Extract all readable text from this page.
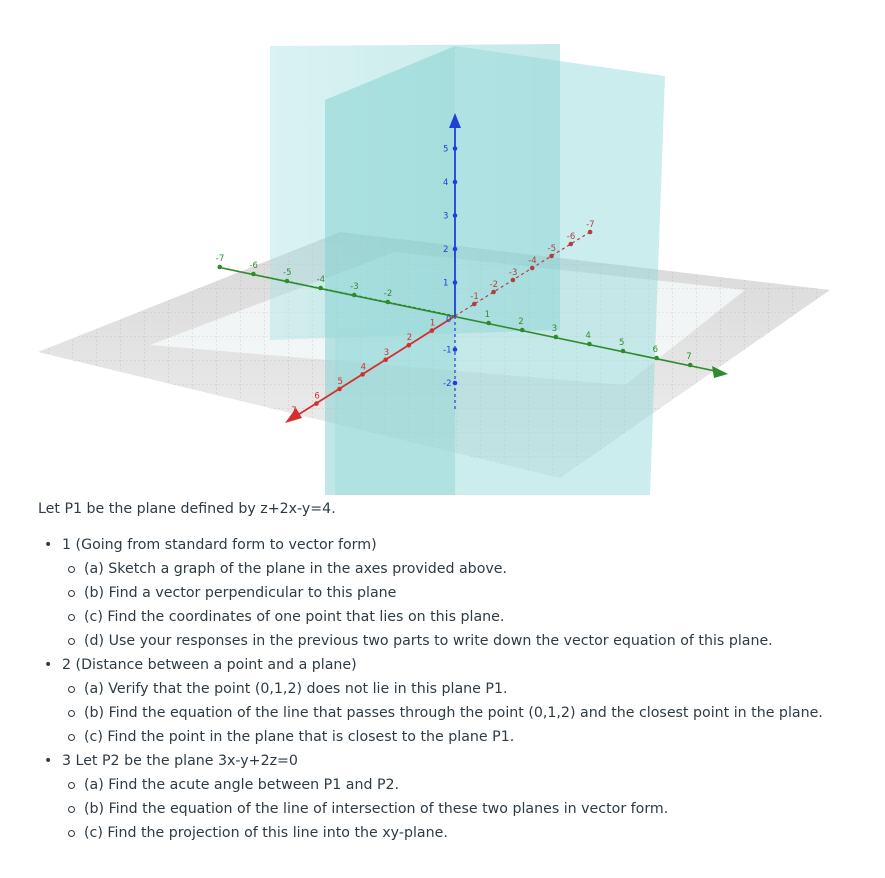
-7
-6
-5
-4
-3
-2
-1
1
2
3
4
5
6
7
-7
-6
-5
-4
-3
-2
1
2
3
4
5
6
7
1
2
3
4
5
-1
-2
0

Let P1 be the plane defined by z+2x-y=4.

• 1 (Going from standard form to vector form)
(a) Sketch a graph of the plane in the axes provided above.
(b) Find a vector perpendicular to this plane
(c) Find the coordinates of one point that lies on this plane.
(d) Use your responses in the previous two parts to write down the vector equation of this plane.
• 2 (Distance between a point and a plane)
(a) Verify that the point (0,1,2) does not lie in this plane P1.
(b) Find the equation of the line that passes through the point (0,1,2) and the closest point in the plane.
(c) Find the point in the plane that is closest to the plane P1.
• 3 Let P2 be the plane 3x-y+2z=0
(a) Find the acute angle between P1 and P2.
(b) Find the equation of the line of intersection of these two planes in vector form.
(c) Find the projection of this line into the xy-plane.
